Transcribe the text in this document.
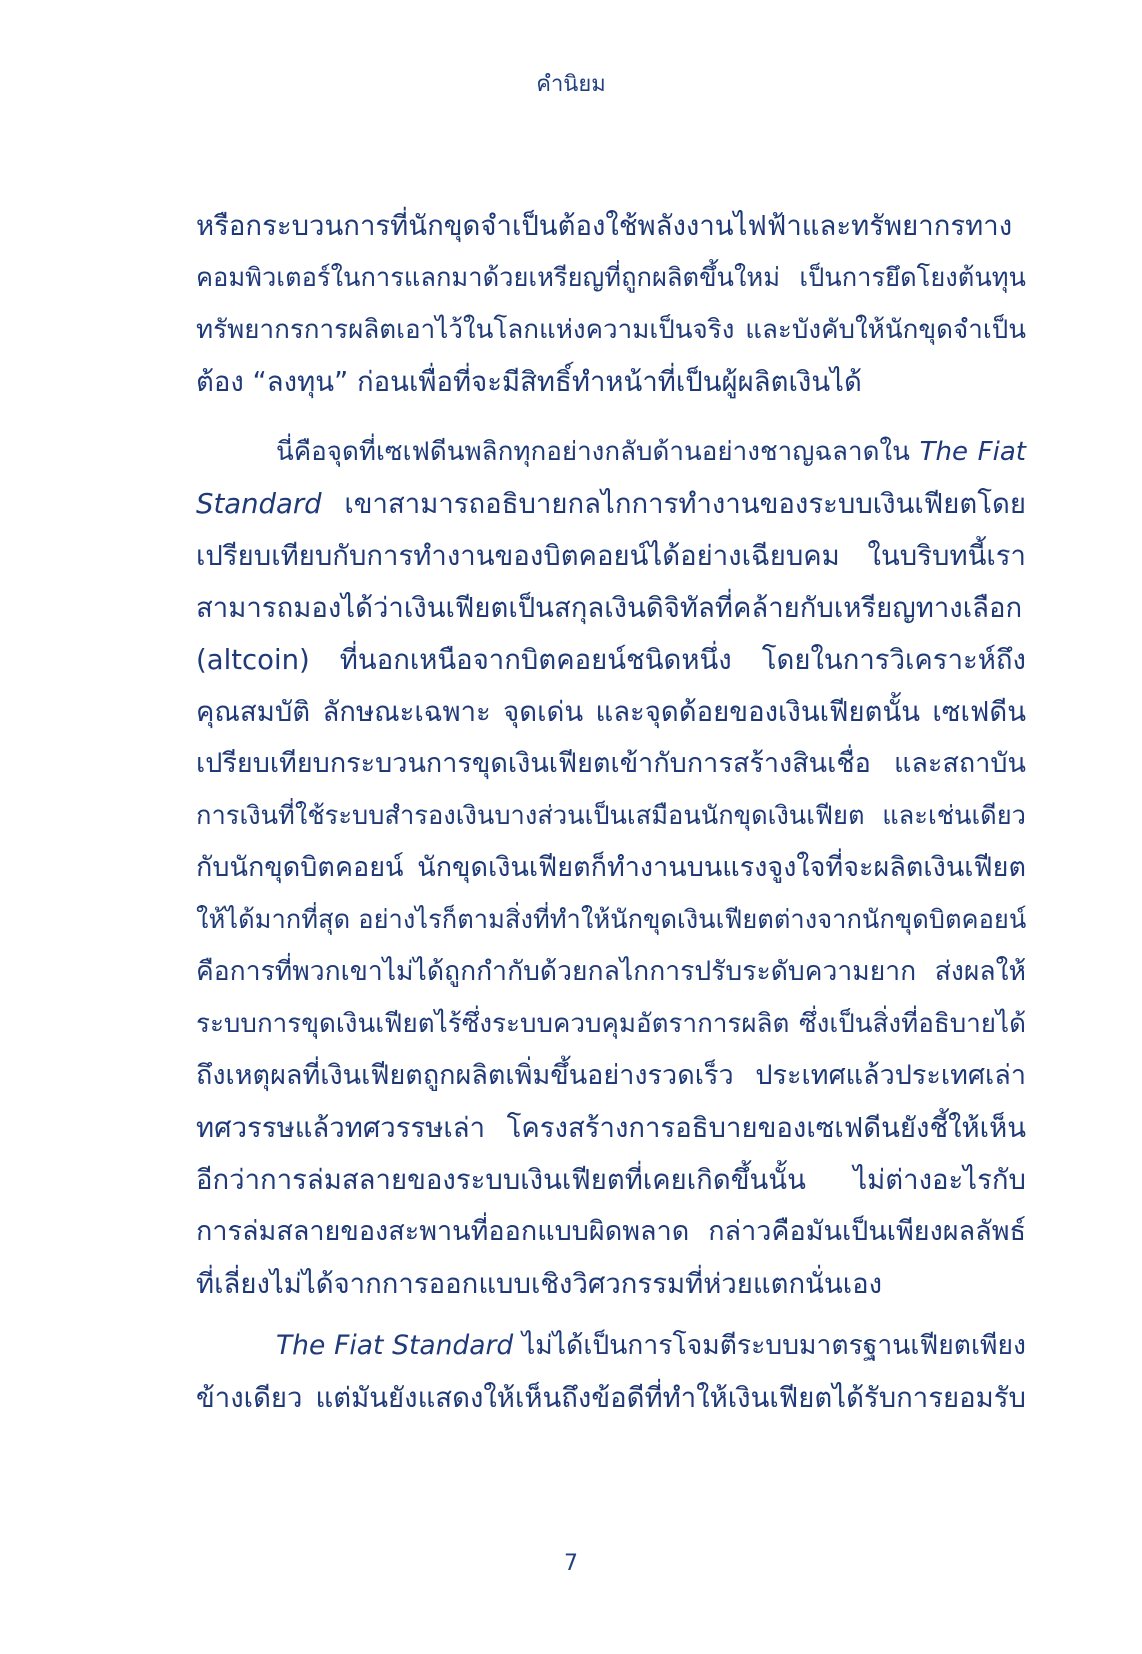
คำนิยม
หรือกระบวนการที่นักขุดจำเป็นต้องใช้พลังงานไฟฟ้าและทรัพยากรทาง
คอมพิวเตอร์ในการแลกมาด้วยเหรียญที่ถูกผลิตขึ้นใหม่ เป็นการยึดโยงต้นทุน
ทรัพยากรการผลิตเอาไว้ในโลกแห่งความเป็นจริง และบังคับให้นักขุดจำเป็น
ต้อง “ลงทุน” ก่อนเพื่อที่จะมีสิทธิ์ทำหน้าที่เป็นผู้ผลิตเงินได้
นี่คือจุดที่เซเฟดีนพลิกทุกอย่างกลับด้านอย่างชาญฉลาดใน The Fiat
Standard เขาสามารถอธิบายกลไกการทำงานของระบบเงินเฟียตโดย
เปรียบเทียบกับการทำงานของบิตคอยน์ได้อย่างเฉียบคม ในบริบทนี้เรา
สามารถมองได้ว่าเงินเฟียตเป็นสกุลเงินดิจิทัลที่คล้ายกับเหรียญทางเลือก
(altcoin) ที่นอกเหนือจากบิตคอยน์ชนิดหนึ่ง โดยในการวิเคราะห์ถึง
คุณสมบัติ ลักษณะเฉพาะ จุดเด่น และจุดด้อยของเงินเฟียตนั้น เซเฟดีน
เปรียบเทียบกระบวนการขุดเงินเฟียตเข้ากับการสร้างสินเชื่อ และสถาบัน
การเงินที่ใช้ระบบสำรองเงินบางส่วนเป็นเสมือนนักขุดเงินเฟียต และเช่นเดียว
กับนักขุดบิตคอยน์ นักขุดเงินเฟียตก็ทำงานบนแรงจูงใจที่จะผลิตเงินเฟียต
ให้ได้มากที่สุด อย่างไรก็ตามสิ่งที่ทำให้นักขุดเงินเฟียตต่างจากนักขุดบิตคอยน์
คือการที่พวกเขาไม่ได้ถูกกำกับด้วยกลไกการปรับระดับความยาก ส่งผลให้
ระบบการขุดเงินเฟียตไร้ซึ่งระบบควบคุมอัตราการผลิต ซึ่งเป็นสิ่งที่อธิบายได้
ถึงเหตุผลที่เงินเฟียตถูกผลิตเพิ่มขึ้นอย่างรวดเร็ว ประเทศแล้วประเทศเล่า
ทศวรรษแล้วทศวรรษเล่า โครงสร้างการอธิบายของเซเฟดีนยังชี้ให้เห็น
อีกว่าการล่มสลายของระบบเงินเฟียตที่เคยเกิดขึ้นนั้น ไม่ต่างอะไรกับ
การล่มสลายของสะพานที่ออกแบบผิดพลาด กล่าวคือมันเป็นเพียงผลลัพธ์
ที่เลี่ยงไม่ได้จากการออกแบบเชิงวิศวกรรมที่ห่วยแตกนั่นเอง
The Fiat Standard ไม่ได้เป็นการโจมตีระบบมาตรฐานเฟียตเพียง
ข้างเดียว แต่มันยังแสดงให้เห็นถึงข้อดีที่ทำให้เงินเฟียตได้รับการยอมรับ
7
